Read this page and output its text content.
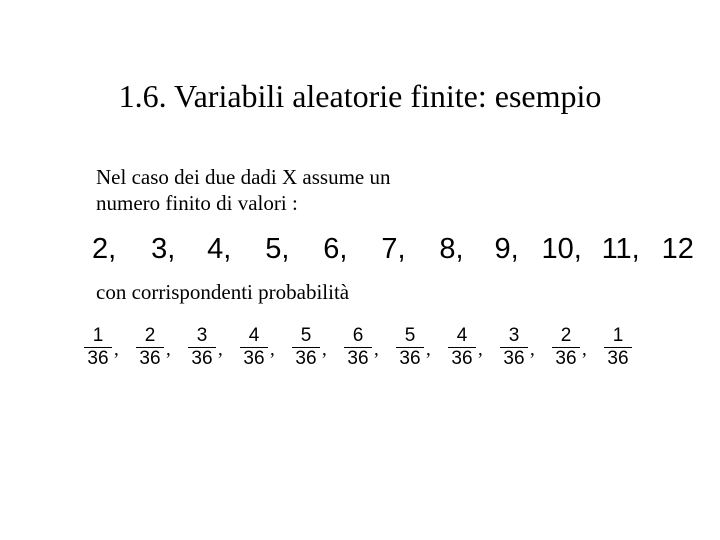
1.6. Variabili aleatorie finite: esempio
Nel caso dei due dadi X assume un
numero finito di valori :
2, 3, 4, 5, 6, 7, 8, 9, 10, 11, 12
con corrispondenti probabilità
$\frac{1}{36}$ , $\frac{2}{36}$ , $\frac{3}{36}$ , $\frac{4}{36}$ , $\frac{5}{36}$ , $\frac{6}{36}$ , $\frac{5}{36}$ , $\frac{4}{36}$ , $\frac{3}{36}$ , $\frac{2}{36}$ , $\frac{1}{36}$
